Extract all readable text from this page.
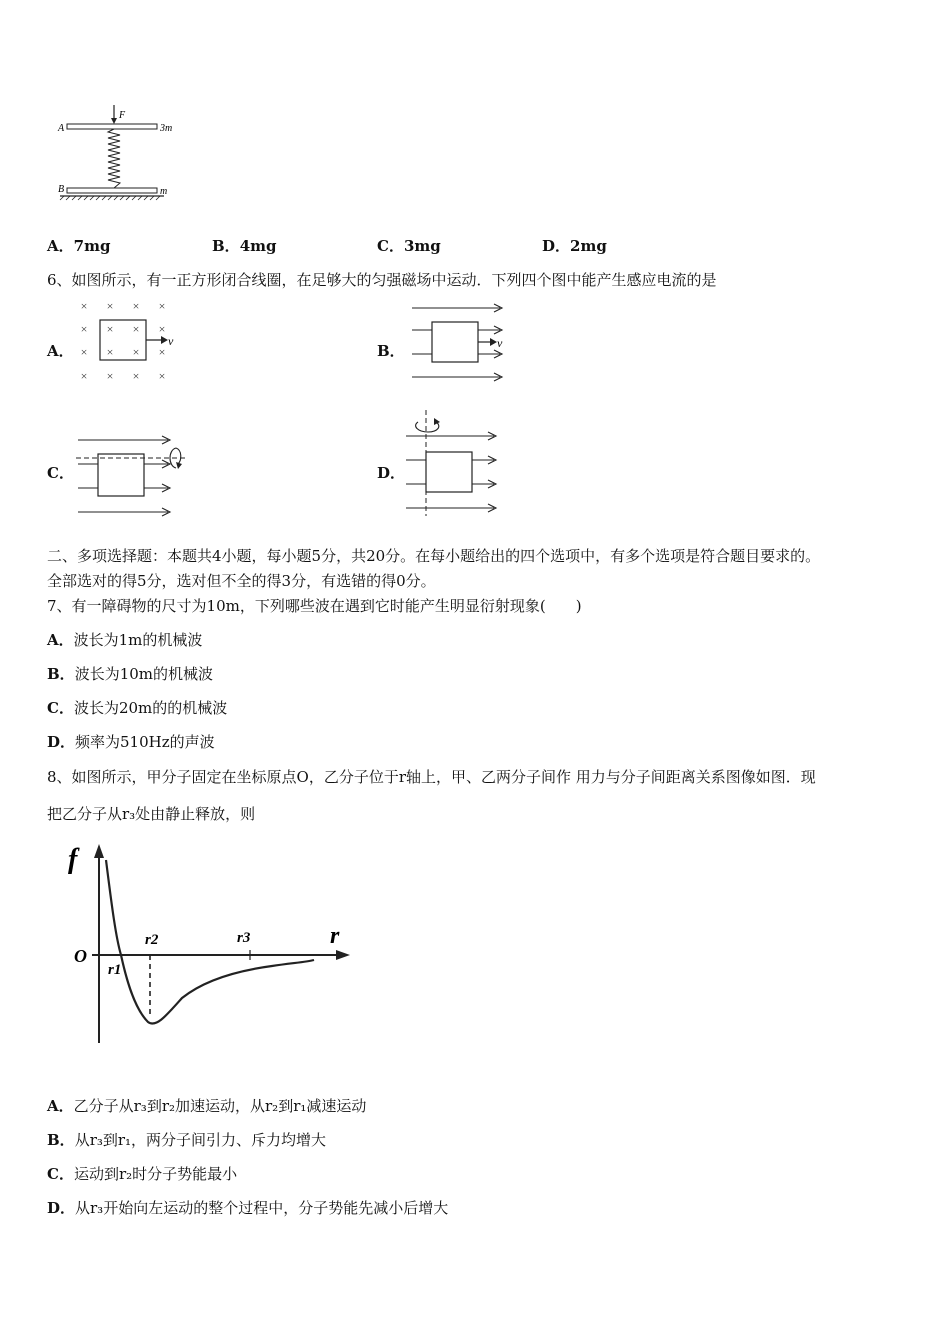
F
A	3m
B	m
A．7mg	B．4mg	C．3mg	D．2mg
6、如图所示，有一正方形闭合线圈，在足够大的匀强磁场中运动．下列四个图中能产生感应电流的是
A．	B．
C．	D．
× × × ×
× × × ×
× × × ×
× × × ×
v	v
二、多项选择题：本题共4小题，每小题5分，共20分。在每小题给出的四个选项中，有多个选项是符合题目要求的。
全部选对的得5分，选对但不全的得3分，有选错的得0分。
7、有一障碍物的尺寸为10m，下列哪些波在遇到它时能产生明显衍射现象(　　)
A．波长为1m的机械波
B．波长为10m的机械波
C．波长为20m的的机械波
D．频率为510Hz的声波
8、如图所示，甲分子固定在坐标原点O，乙分子位于r轴上，甲、乙两分子间作 用力与分子间距离关系图像如图．现
把乙分子从r₃处由静止释放，则
f
r
O
r1
r2	r3
A．乙分子从r₃到r₂加速运动，从r₂到r₁减速运动
B．从r₃到r₁，两分子间引力、斥力均增大
C．运动到r₂时分子势能最小
D．从r₃开始向左运动的整个过程中，分子势能先减小后增大
